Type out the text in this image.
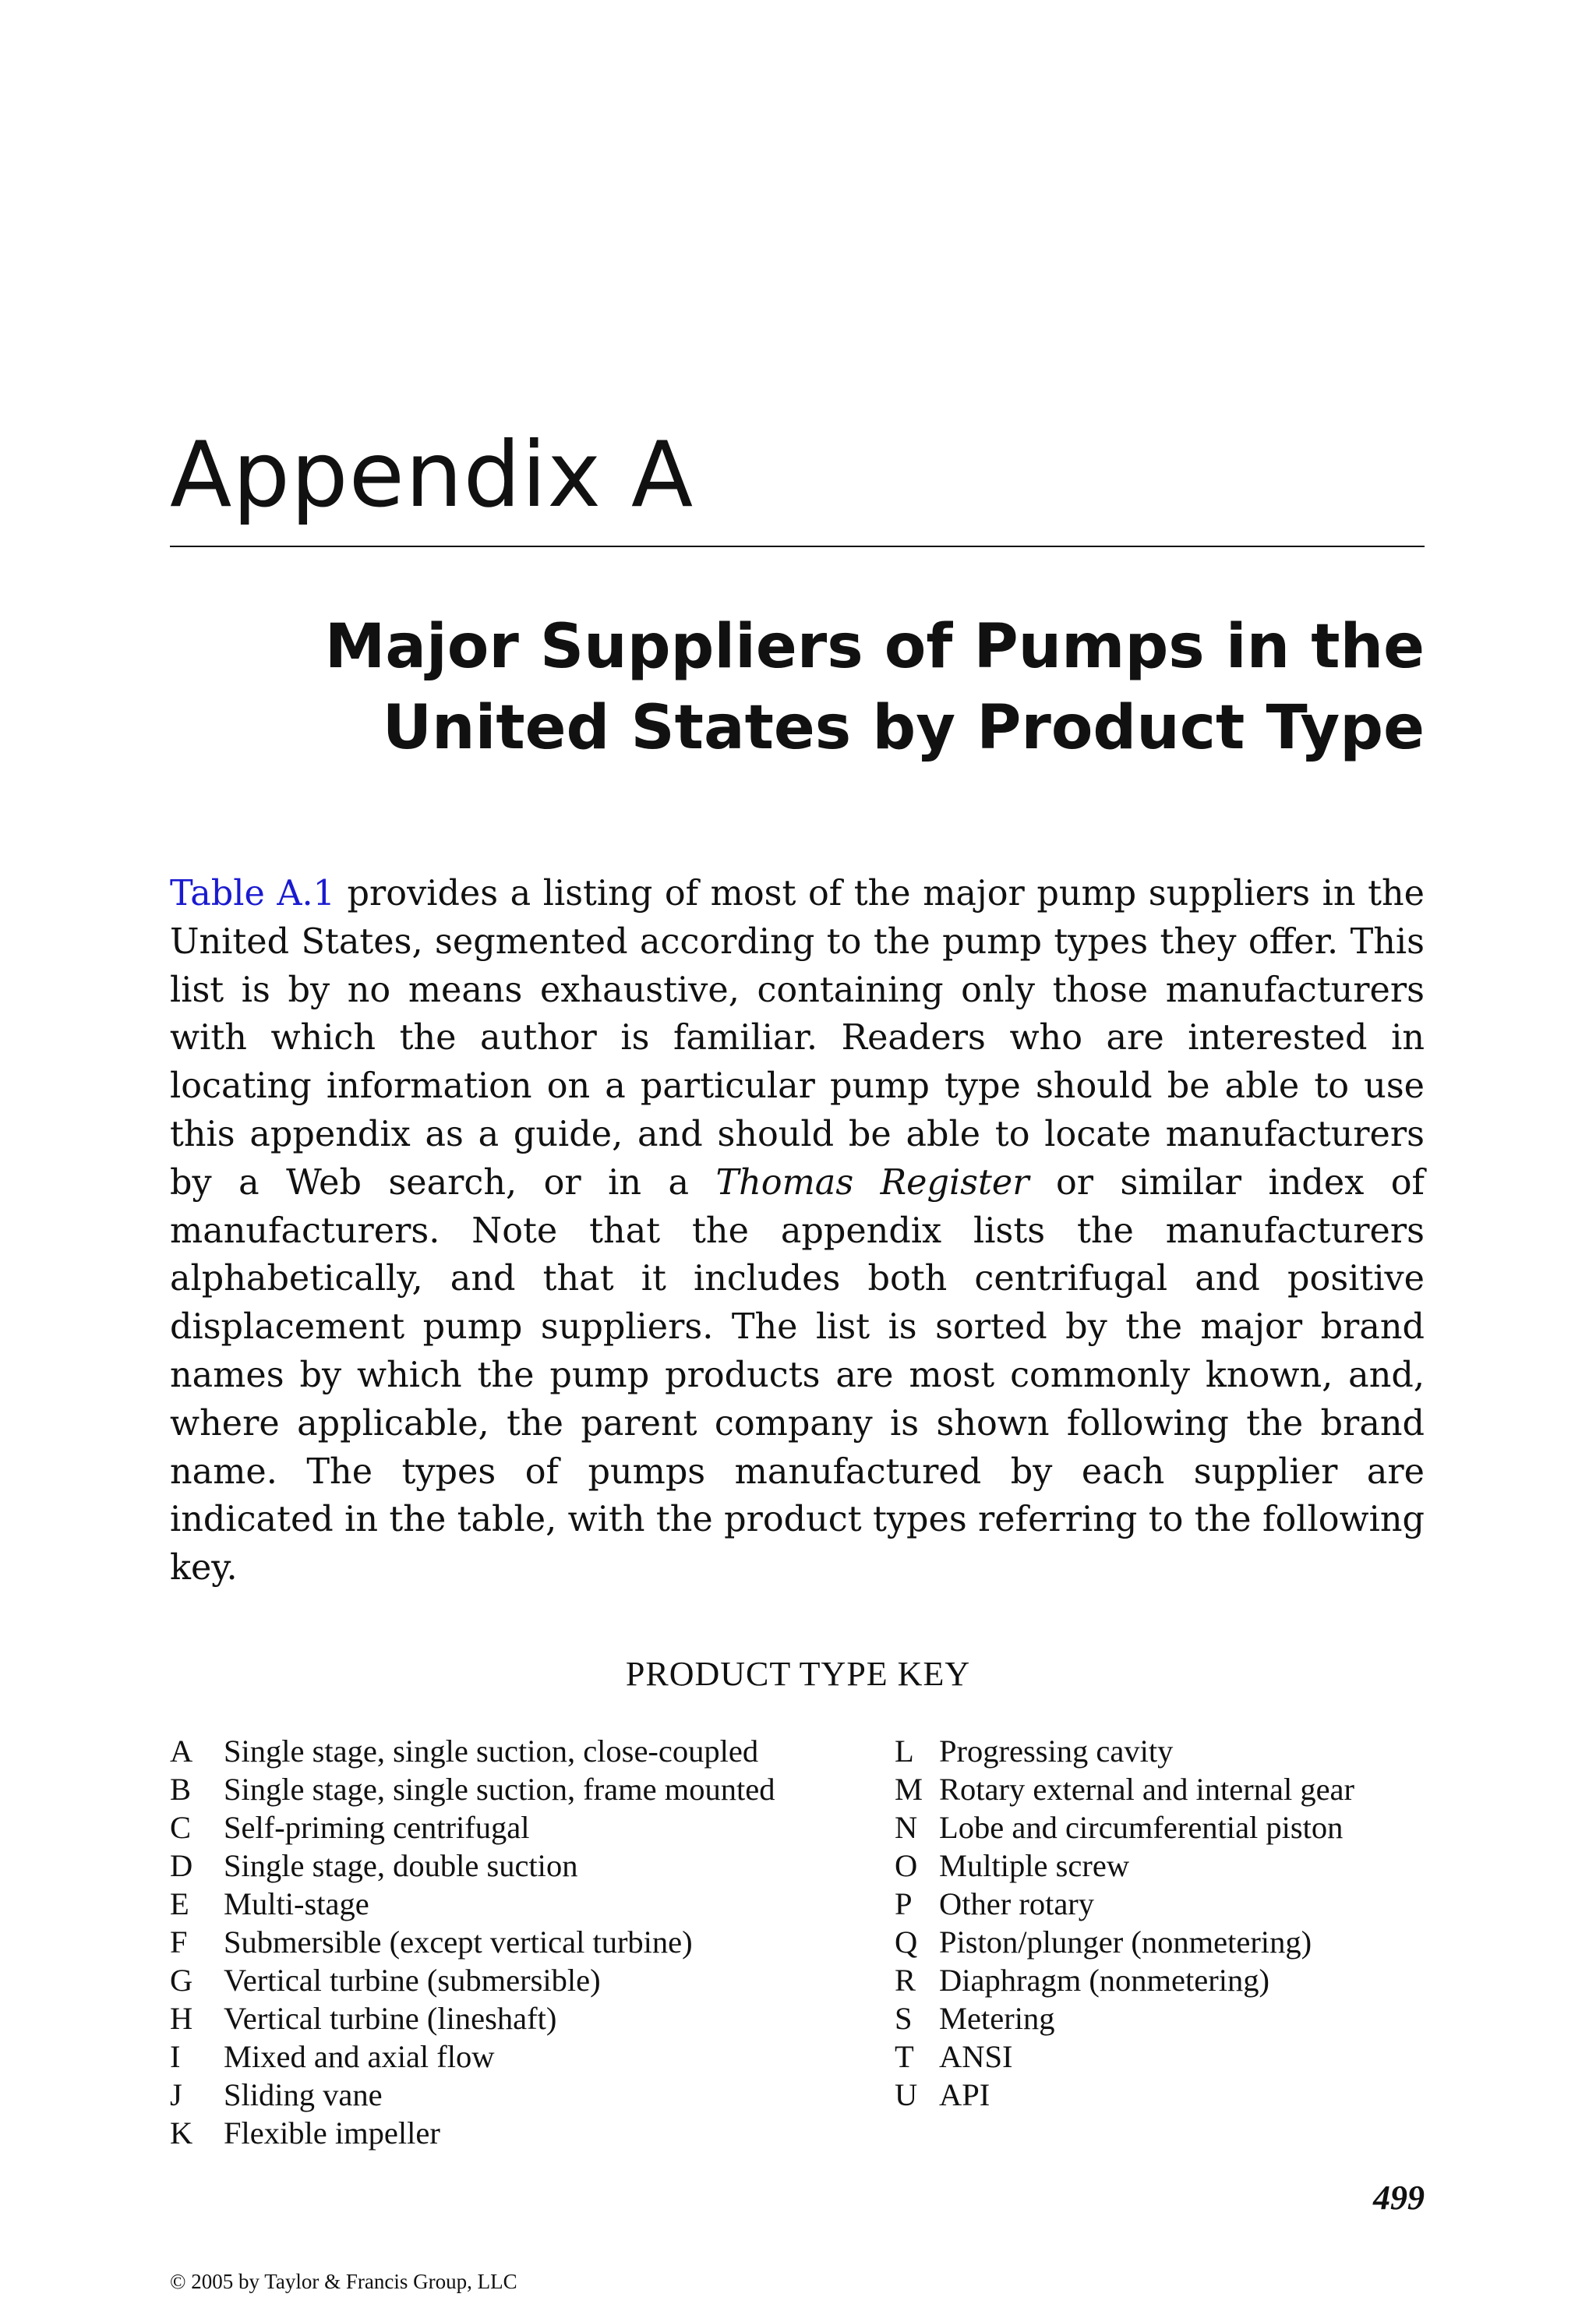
Appendix A
Major Suppliers of Pumps in the
United States by Product Type

Table A.1 provides a listing of most of the major pump suppliers in the United States, segmented according to the pump types they offer. This list is by no means exhaustive, containing only those manufacturers with which the author is familiar. Readers who are interested in locating information on a particular pump type should be able to use this appendix as a guide, and should be able to locate manufacturers by a Web search, or in a Thomas Register or similar index of manufacturers. Note that the appendix lists the manufacturers alphabetically, and that it includes both centrifugal and positive displacement pump suppliers. The list is sorted by the major brand names by which the pump products are most commonly known, and, where applicable, the parent company is shown following the brand name. The types of pumps manufactured by each supplier are indicated in the table, with the product types referring to the following key.

PRODUCT TYPE KEY
A Single stage, single suction, close-coupled
B	Single stage, single suction, frame mounted
C	Self-priming centrifugal
D Single stage, double suction
E	Multi-stage
F	Submersible (except vertical turbine)
G Vertical turbine (submersible)
H Vertical turbine (lineshaft)
I	Mixed and axial flow
J	Sliding vane
K Flexible impeller
L Progressing cavity
M Rotary external and internal gear
N Lobe and circumferential piston
O Multiple screw
P Other rotary
Q Piston/plunger (nonmetering)
R Diaphragm (nonmetering)
S Metering
T ANSI
U API
499
© 2005 by Taylor & Francis Group, LLC
